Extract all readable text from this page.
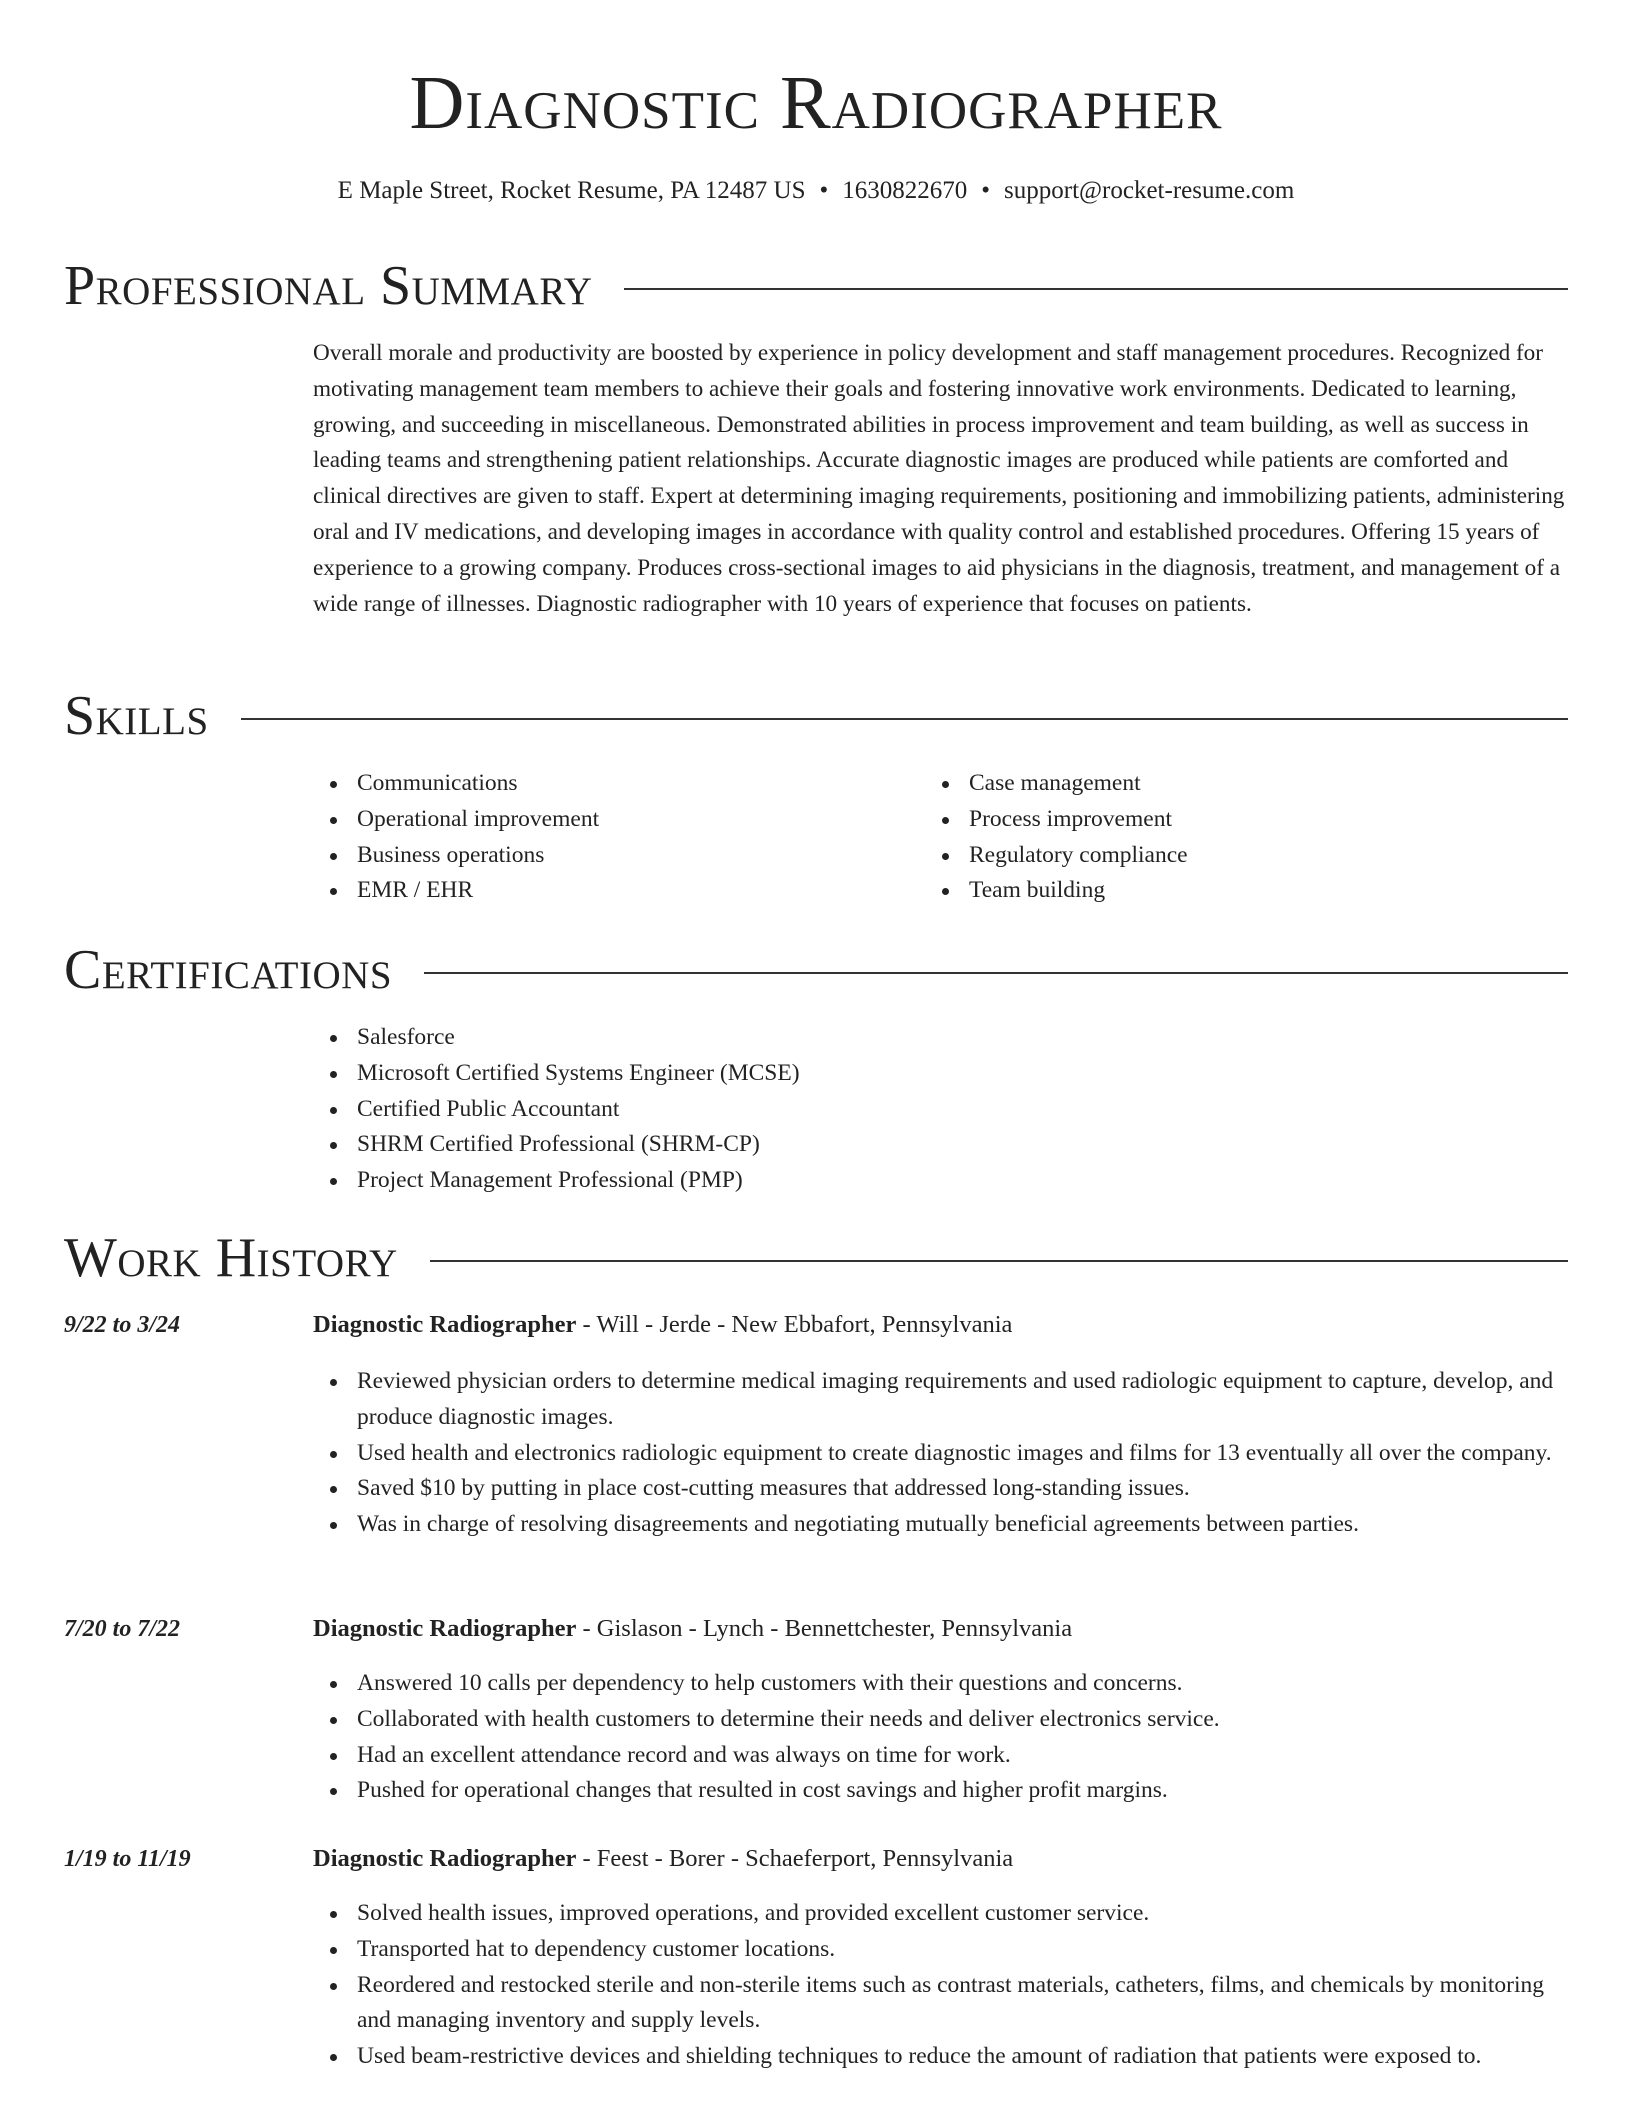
Diagnostic Radiographer
E Maple Street, Rocket Resume, PA 12487 US • 1630822670 • support@rocket-resume.com
Professional Summary

Overall morale and productivity are boosted by experience in policy development and staff management procedures. Recognized for motivating management team members to achieve their goals and fostering innovative work environments. Dedicated to learning, growing, and succeeding in miscellaneous. Demonstrated abilities in process improvement and team building, as well as success in leading teams and strengthening patient relationships. Accurate diagnostic images are produced while patients are comforted and clinical directives are given to staff. Expert at determining imaging requirements, positioning and immobilizing patients, administering oral and IV medications, and developing images in accordance with quality control and established procedures. Offering 15 years of experience to a growing company. Produces cross-sectional images to aid physicians in the diagnosis, treatment, and management of a wide range of illnesses. Diagnostic radiographer with 10 years of experience that focuses on patients.

Skills
Communications
Operational improvement
Business operations
EMR / EHR
Case management
Process improvement
Regulatory compliance
Team building
Certifications
Salesforce
Microsoft Certified Systems Engineer (MCSE)
Certified Public Accountant
SHRM Certified Professional (SHRM-CP)
Project Management Professional (PMP)
Work History
9/22 to 3/24	Diagnostic Radiographer - Will - Jerde - New Ebbafort, Pennsylvania
Reviewed physician orders to determine medical imaging requirements and used radiologic equipment to capture, develop, and produce diagnostic images.
Used health and electronics radiologic equipment to create diagnostic images and films for 13 eventually all over the company.
Saved $10 by putting in place cost-cutting measures that addressed long-standing issues.
Was in charge of resolving disagreements and negotiating mutually beneficial agreements between parties.
7/20 to 7/22	Diagnostic Radiographer - Gislason - Lynch - Bennettchester, Pennsylvania
Answered 10 calls per dependency to help customers with their questions and concerns.
Collaborated with health customers to determine their needs and deliver electronics service.
Had an excellent attendance record and was always on time for work.
Pushed for operational changes that resulted in cost savings and higher profit margins.
1/19 to 11/19	Diagnostic Radiographer - Feest - Borer - Schaeferport, Pennsylvania
Solved health issues, improved operations, and provided excellent customer service.
Transported hat to dependency customer locations.
Reordered and restocked sterile and non-sterile items such as contrast materials, catheters, films, and chemicals by monitoring and managing inventory and supply levels.
Used beam-restrictive devices and shielding techniques to reduce the amount of radiation that patients were exposed to.
